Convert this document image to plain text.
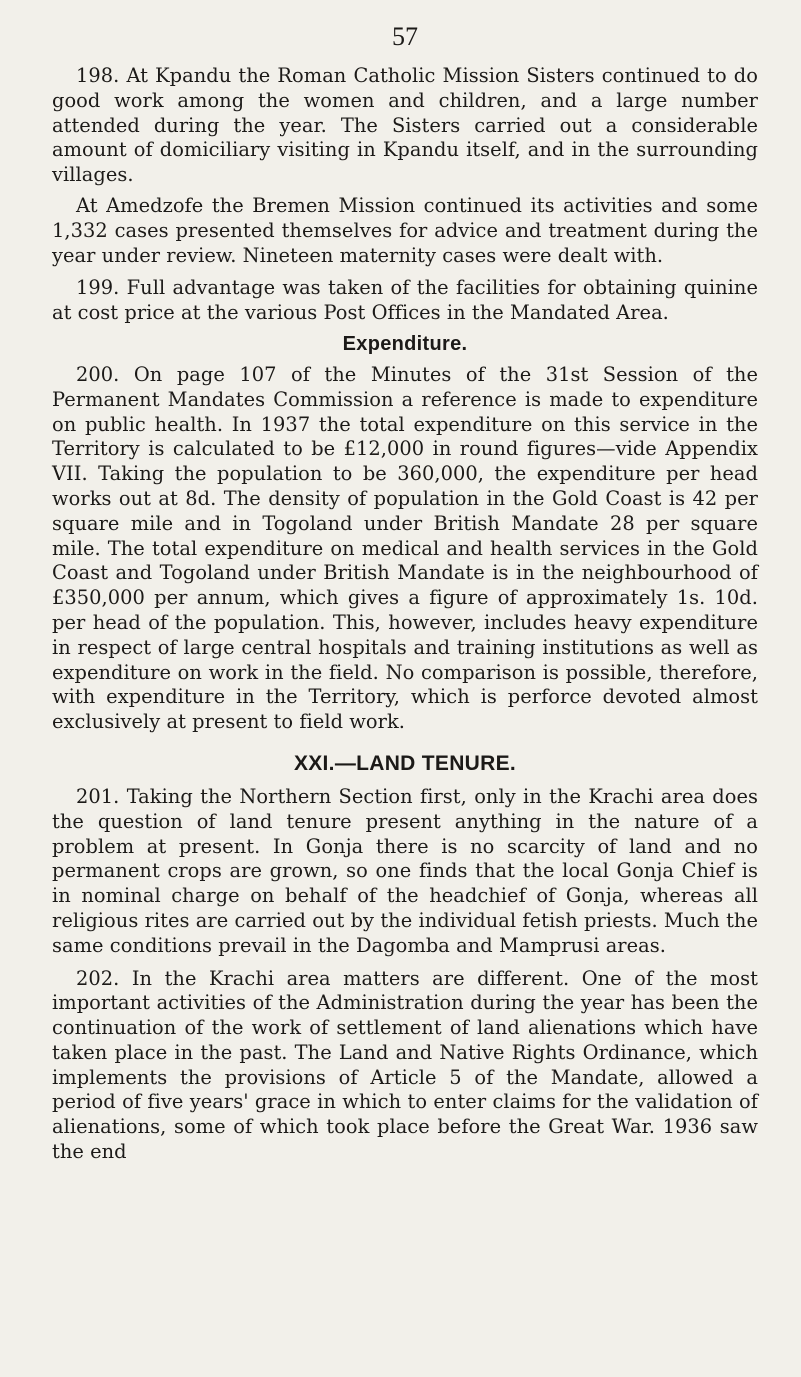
57

198. At Kpandu the Roman Catholic Mission Sisters continued to do good work among the women and children, and a large number attended during the year. The Sisters carried out a considerable amount of domiciliary visiting in Kpandu itself, and in the surrounding villages.

At Amedzofe the Bremen Mission continued its activities and some 1,332 cases presented themselves for advice and treatment during the year under review. Nineteen maternity cases were dealt with.

199. Full advantage was taken of the facilities for obtaining quinine at cost price at the various Post Offices in the Mandated Area.

Expenditure.

200. On page 107 of the Minutes of the 31st Session of the Permanent Mandates Commission a reference is made to expenditure on public health. In 1937 the total expenditure on this service in the Territory is calculated to be £12,000 in round figures—vide Appendix VII. Taking the population to be 360,000, the expenditure per head works out at 8d. The density of population in the Gold Coast is 42 per square mile and in Togoland under British Mandate 28 per square mile. The total expenditure on medical and health services in the Gold Coast and Togoland under British Mandate is in the neighbourhood of £350,000 per annum, which gives a figure of approximately 1s. 10d. per head of the population. This, however, includes heavy expenditure in respect of large central hospitals and training institutions as well as expenditure on work in the field. No comparison is possible, therefore, with expenditure in the Territory, which is perforce devoted almost exclusively at present to field work.

XXI.—LAND TENURE.

201. Taking the Northern Section first, only in the Krachi area does the question of land tenure present anything in the nature of a problem at present. In Gonja there is no scarcity of land and no permanent crops are grown, so one finds that the local Gonja Chief is in nominal charge on behalf of the headchief of Gonja, whereas all religious rites are carried out by the individual fetish priests. Much the same conditions prevail in the Dagomba and Mamprusi areas.

202. In the Krachi area matters are different. One of the most important activities of the Administration during the year has been the continuation of the work of settlement of land alienations which have taken place in the past. The Land and Native Rights Ordinance, which implements the provisions of Article 5 of the Mandate, allowed a period of five years' grace in which to enter claims for the validation of alienations, some of which took place before the Great War. 1936 saw the end
